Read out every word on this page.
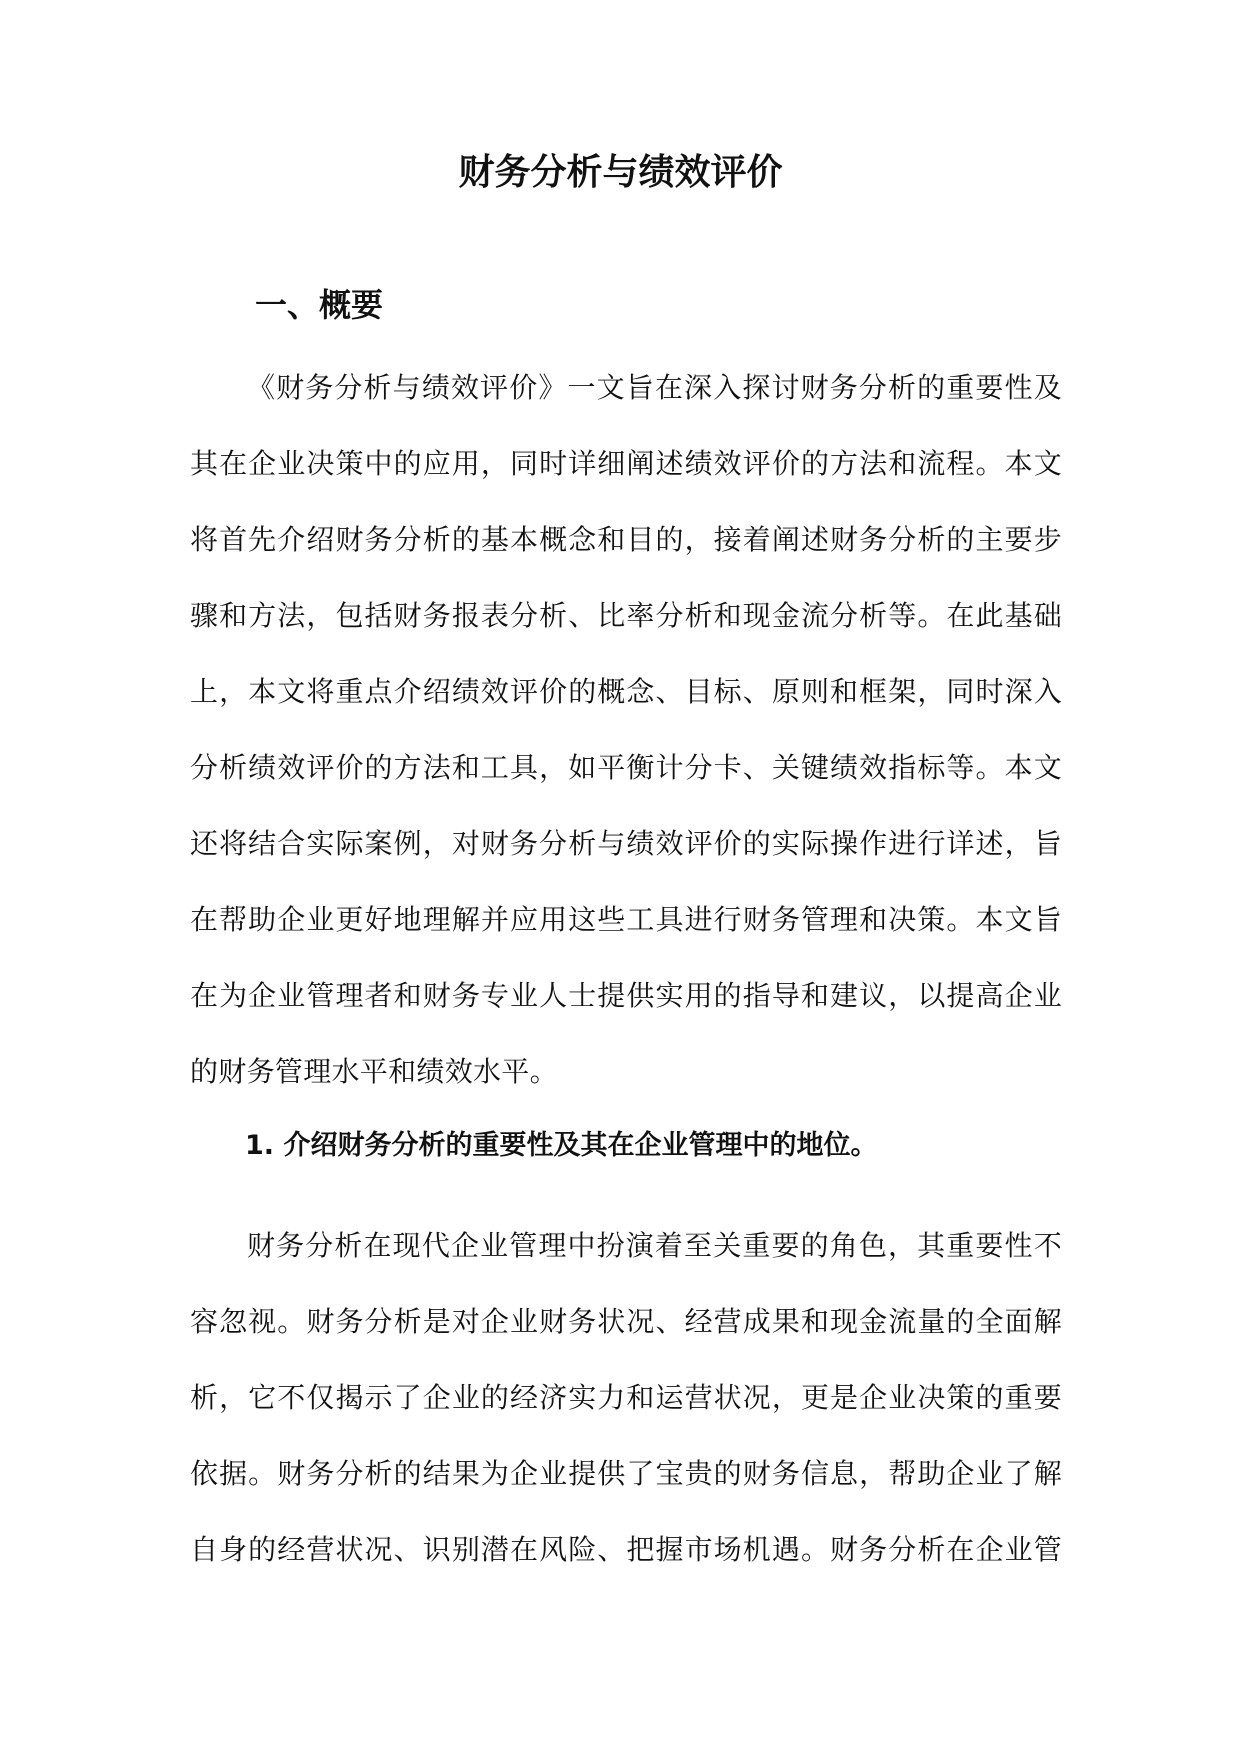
财务分析与绩效评价
一、概要
《财务分析与绩效评价》一文旨在深入探讨财务分析的重要性及
其在企业决策中的应用，同时详细阐述绩效评价的方法和流程。本文
将首先介绍财务分析的基本概念和目的，接着阐述财务分析的主要步
骤和方法，包括财务报表分析、比率分析和现金流分析等。在此基础
上，本文将重点介绍绩效评价的概念、目标、原则和框架，同时深入
分析绩效评价的方法和工具，如平衡计分卡、关键绩效指标等。本文
还将结合实际案例，对财务分析与绩效评价的实际操作进行详述，旨
在帮助企业更好地理解并应用这些工具进行财务管理和决策。本文旨
在为企业管理者和财务专业人士提供实用的指导和建议，以提高企业
的财务管理水平和绩效水平。
1. 介绍财务分析的重要性及其在企业管理中的地位。
财务分析在现代企业管理中扮演着至关重要的角色，其重要性不
容忽视。财务分析是对企业财务状况、经营成果和现金流量的全面解
析，它不仅揭示了企业的经济实力和运营状况，更是企业决策的重要
依据。财务分析的结果为企业提供了宝贵的财务信息，帮助企业了解
自身的经营状况、识别潜在风险、把握市场机遇。财务分析在企业管
